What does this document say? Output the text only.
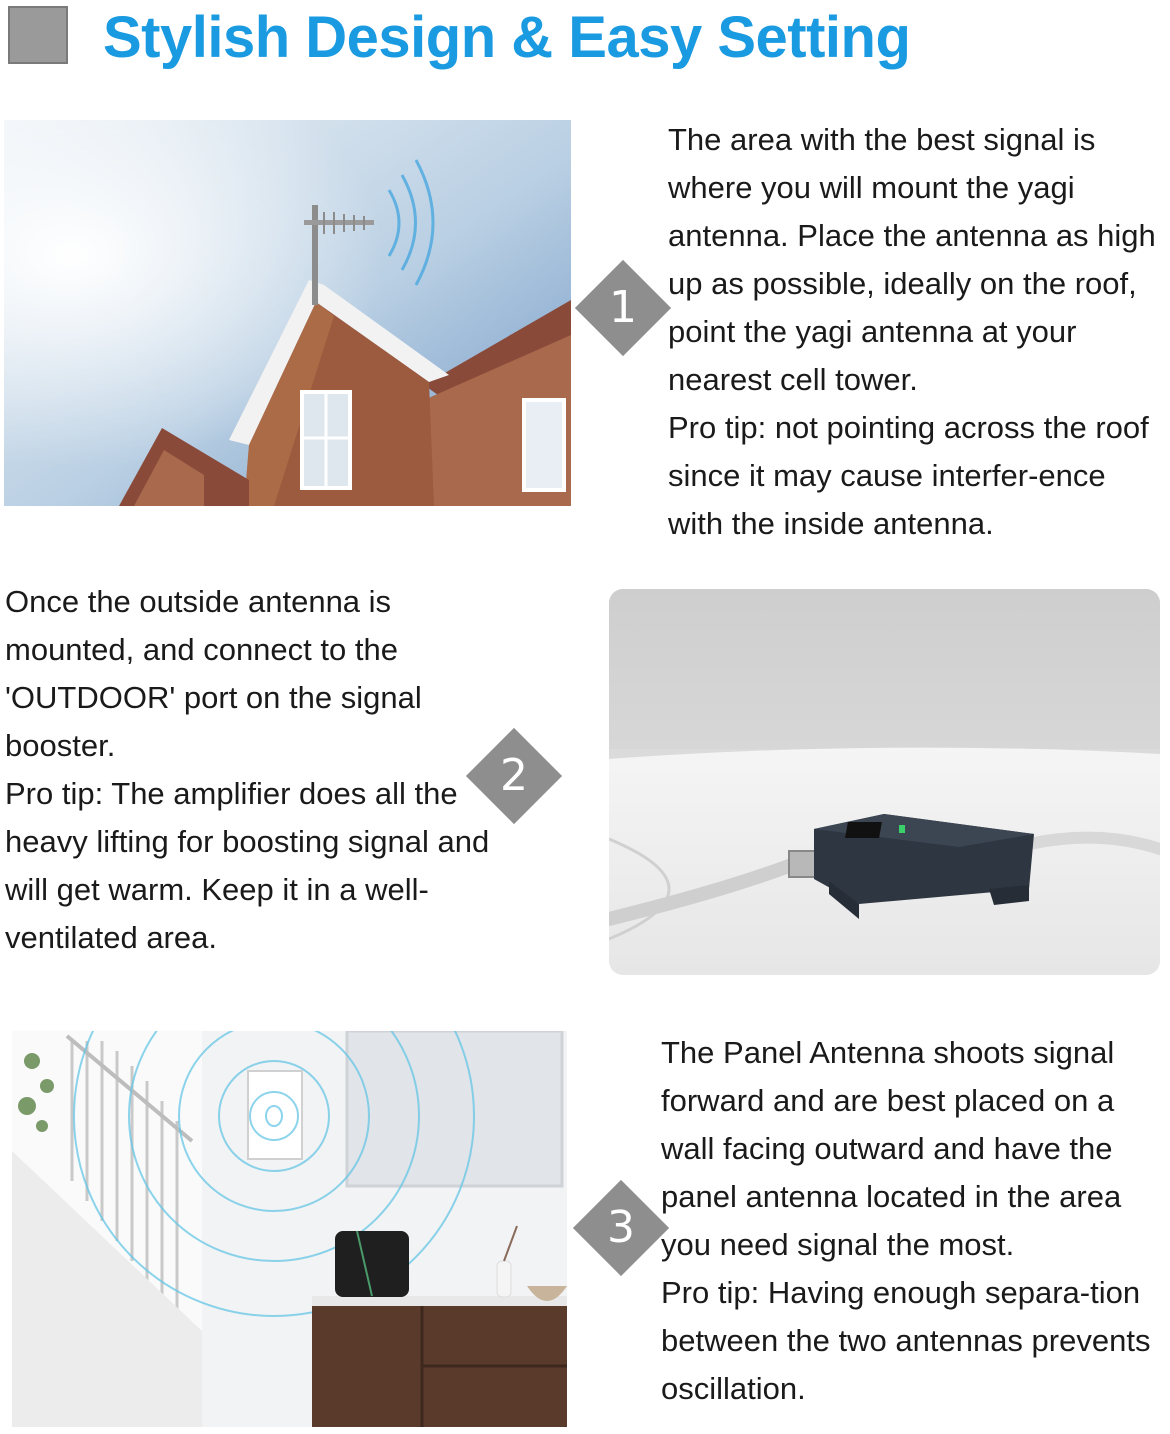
Stylish Design & Easy Setting
1

The area with the best signal is where you will mount the yagi antenna. Place the antenna as high up as possible, ideally on the roof, point the yagi antenna at your nearest cell tower.

Pro tip: not pointing across the roof since it may cause interfer-ence with the inside antenna.

Once the outside antenna is mounted, and connect to the 'OUTDOOR' port on the signal booster.

Pro tip: The amplifier does all the heavy lifting for boosting signal and will get warm. Keep it in a well-ventilated area.

2
3

The Panel Antenna shoots signal forward and are best placed on a wall facing outward and have the panel antenna located in the area you need signal the most.

Pro tip: Having enough separa-tion between the two antennas prevents oscillation.
